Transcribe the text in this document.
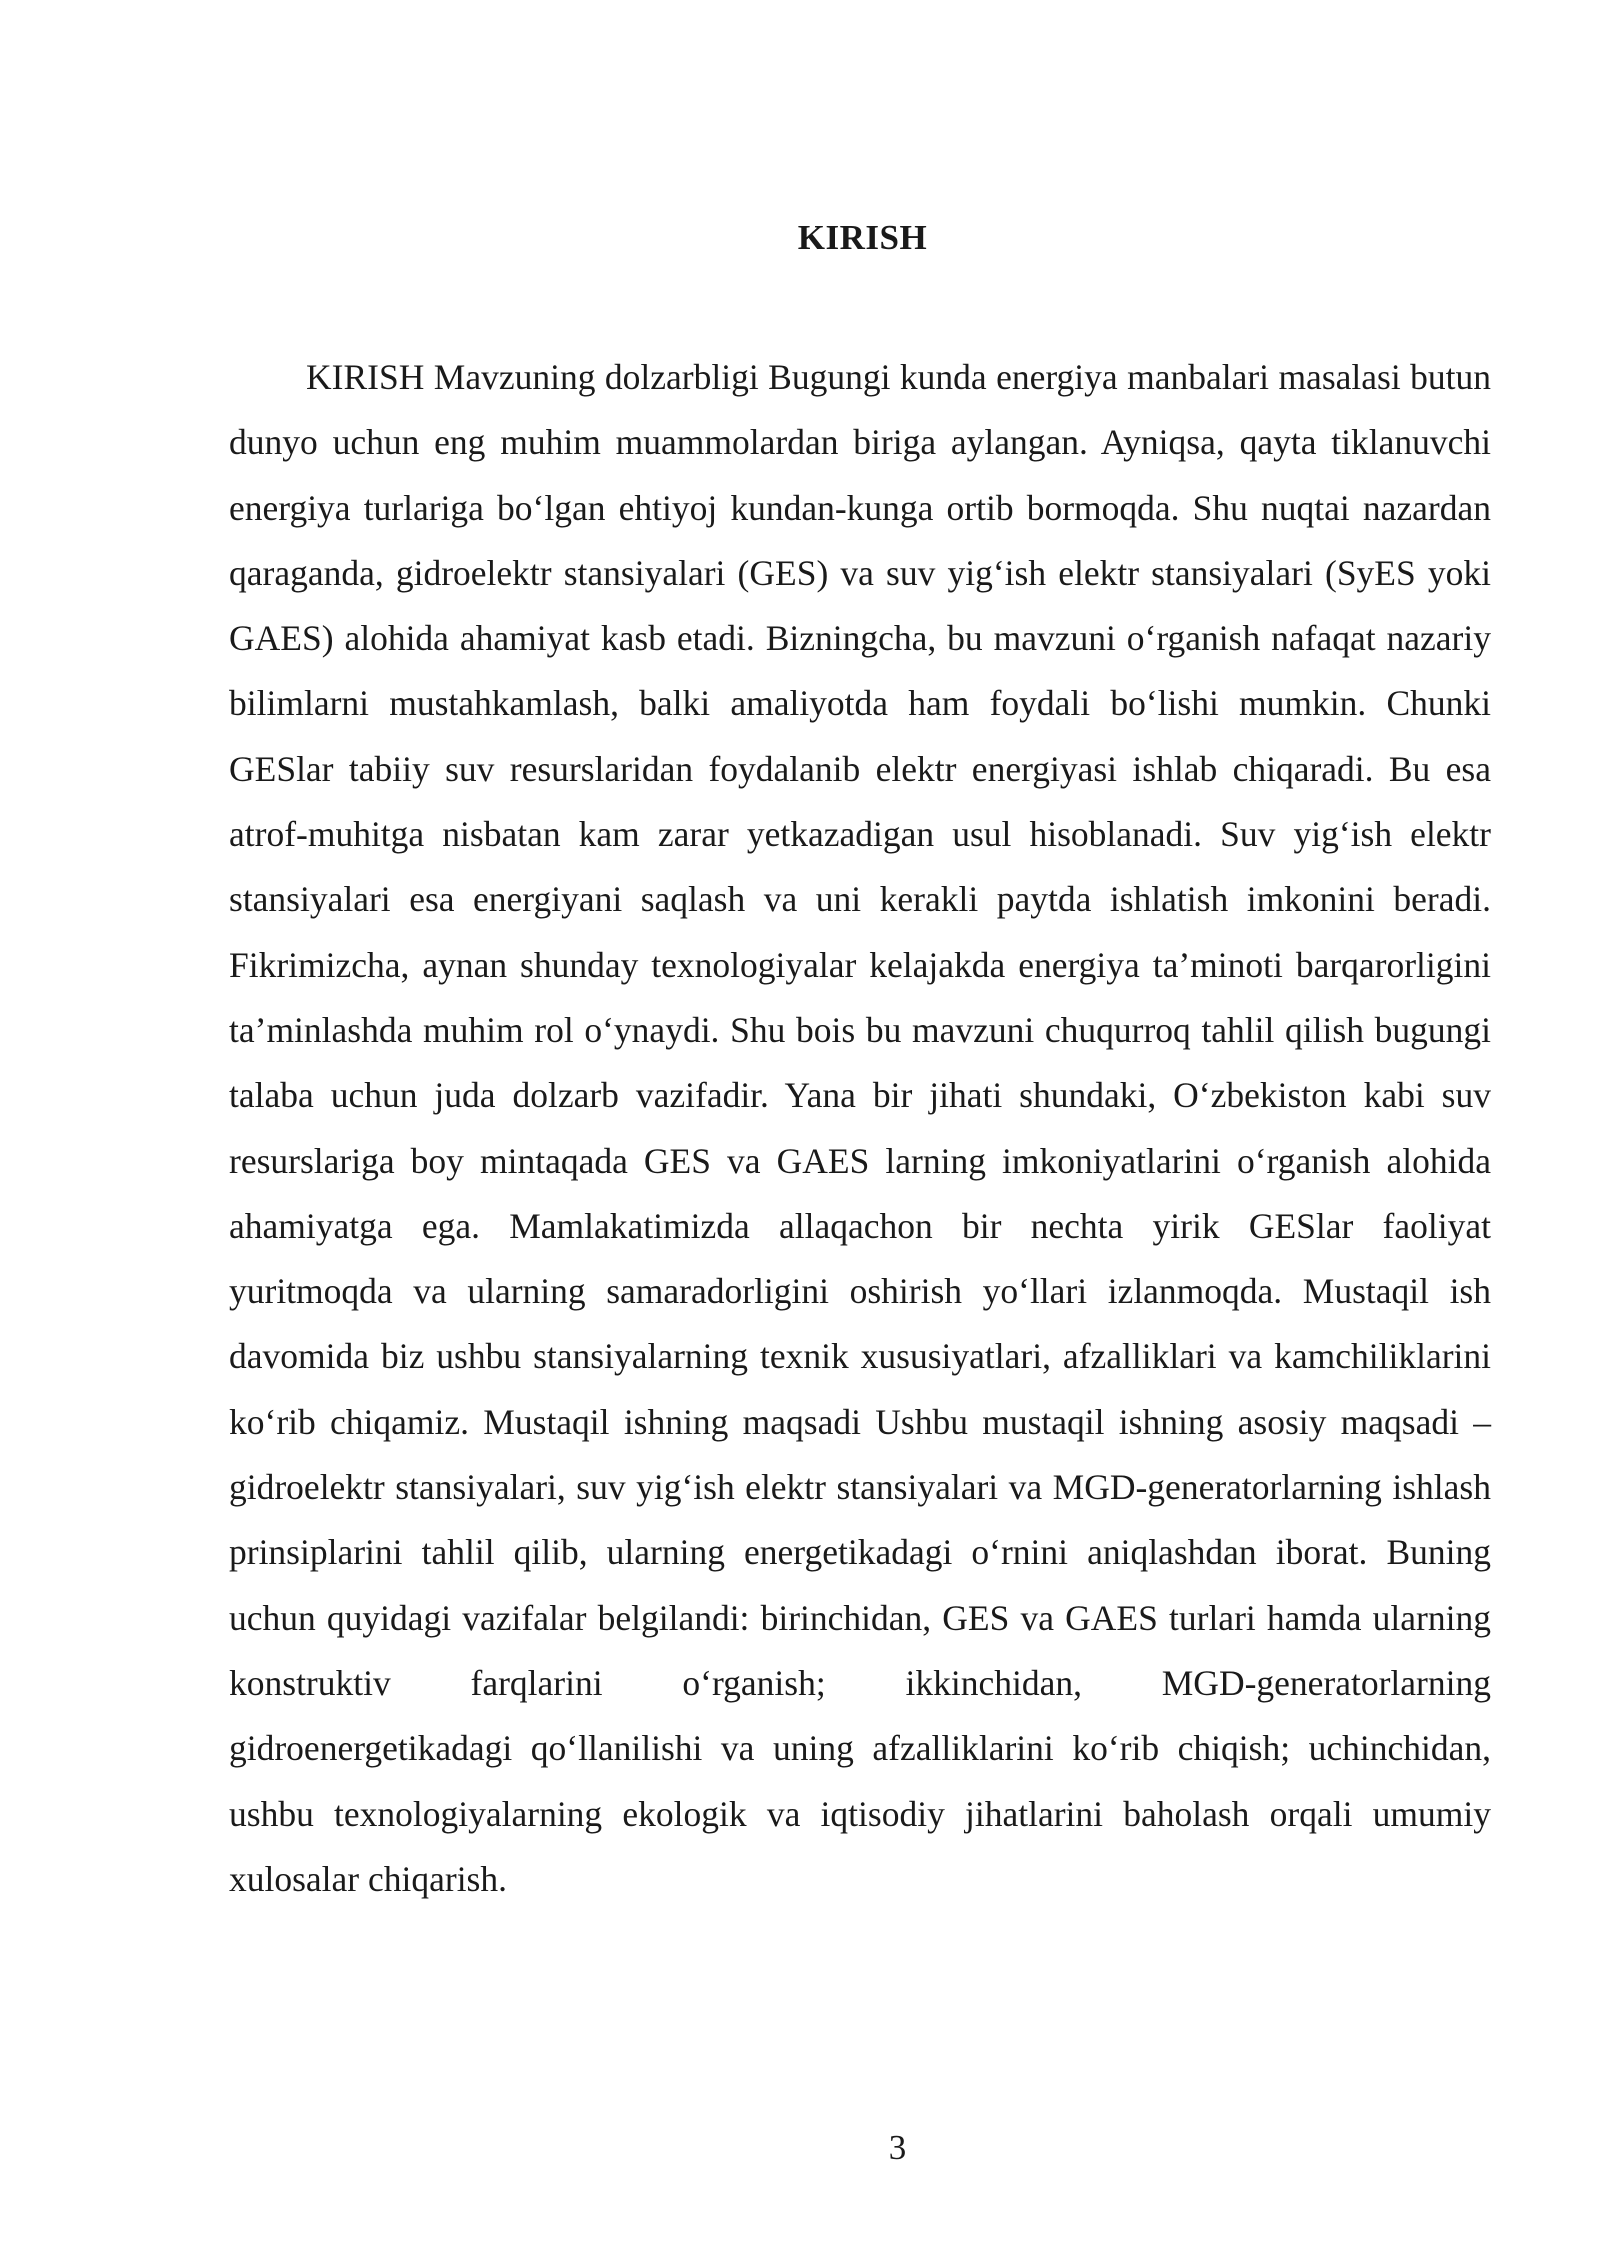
KIRISH

KIRISH Mavzuning dolzarbligi Bugungi kunda energiya manbalari masalasi butun dunyo uchun eng muhim muammolardan biriga aylangan. Ayniqsa, qayta tiklanuvchi energiya turlariga bo‘lgan ehtiyoj kundan-kunga ortib bormoqda. Shu nuqtai nazardan qaraganda, gidroelektr stansiyalari (GES) va suv yig‘ish elektr stansiyalari (SyES yoki GAES) alohida ahamiyat kasb etadi. Bizningcha, bu mavzuni o‘rganish nafaqat nazariy bilimlarni mustahkamlash, balki amaliyotda ham foydali bo‘lishi mumkin. Chunki GESlar tabiiy suv resurslaridan foydalanib elektr energiyasi ishlab chiqaradi. Bu esa atrof-muhitga nisbatan kam zarar yetkazadigan usul hisoblanadi. Suv yig‘ish elektr stansiyalari esa energiyani saqlash va uni kerakli paytda ishlatish imkonini beradi. Fikrimizcha, aynan shunday texnologiyalar kelajakda energiya ta’minoti barqarorligini ta’minlashda muhim rol o‘ynaydi. Shu bois bu mavzuni chuqurroq tahlil qilish bugungi talaba uchun juda dolzarb vazifadir. Yana bir jihati shundaki, O‘zbekiston kabi suv resurslariga boy mintaqada GES va GAES larning imkoniyatlarini o‘rganish alohida ahamiyatga ega. Mamlakatimizda allaqachon bir nechta yirik GESlar faoliyat yuritmoqda va ularning samaradorligini oshirish yo‘llari izlanmoqda. Mustaqil ish davomida biz ushbu stansiyalarning texnik xususiyatlari, afzalliklari va kamchiliklarini ko‘rib chiqamiz. Mustaqil ishning maqsadi Ushbu mustaqil ishning asosiy maqsadi – gidroelektr stansiyalari, suv yig‘ish elektr stansiyalari va MGD-generatorlarning ishlash prinsiplarini tahlil qilib, ularning energetikadagi o‘rnini aniqlashdan iborat. Buning uchun quyidagi vazifalar belgilandi: birinchidan, GES va GAES turlari hamda ularning konstruktiv farqlarini o‘rganish; ikkinchidan, MGD-generatorlarning gidroenergetikadagi qo‘llanilishi va uning afzalliklarini ko‘rib chiqish; uchinchidan, ushbu texnologiyalarning ekologik va iqtisodiy jihatlarini baholash orqali umumiy xulosalar chiqarish.

3
